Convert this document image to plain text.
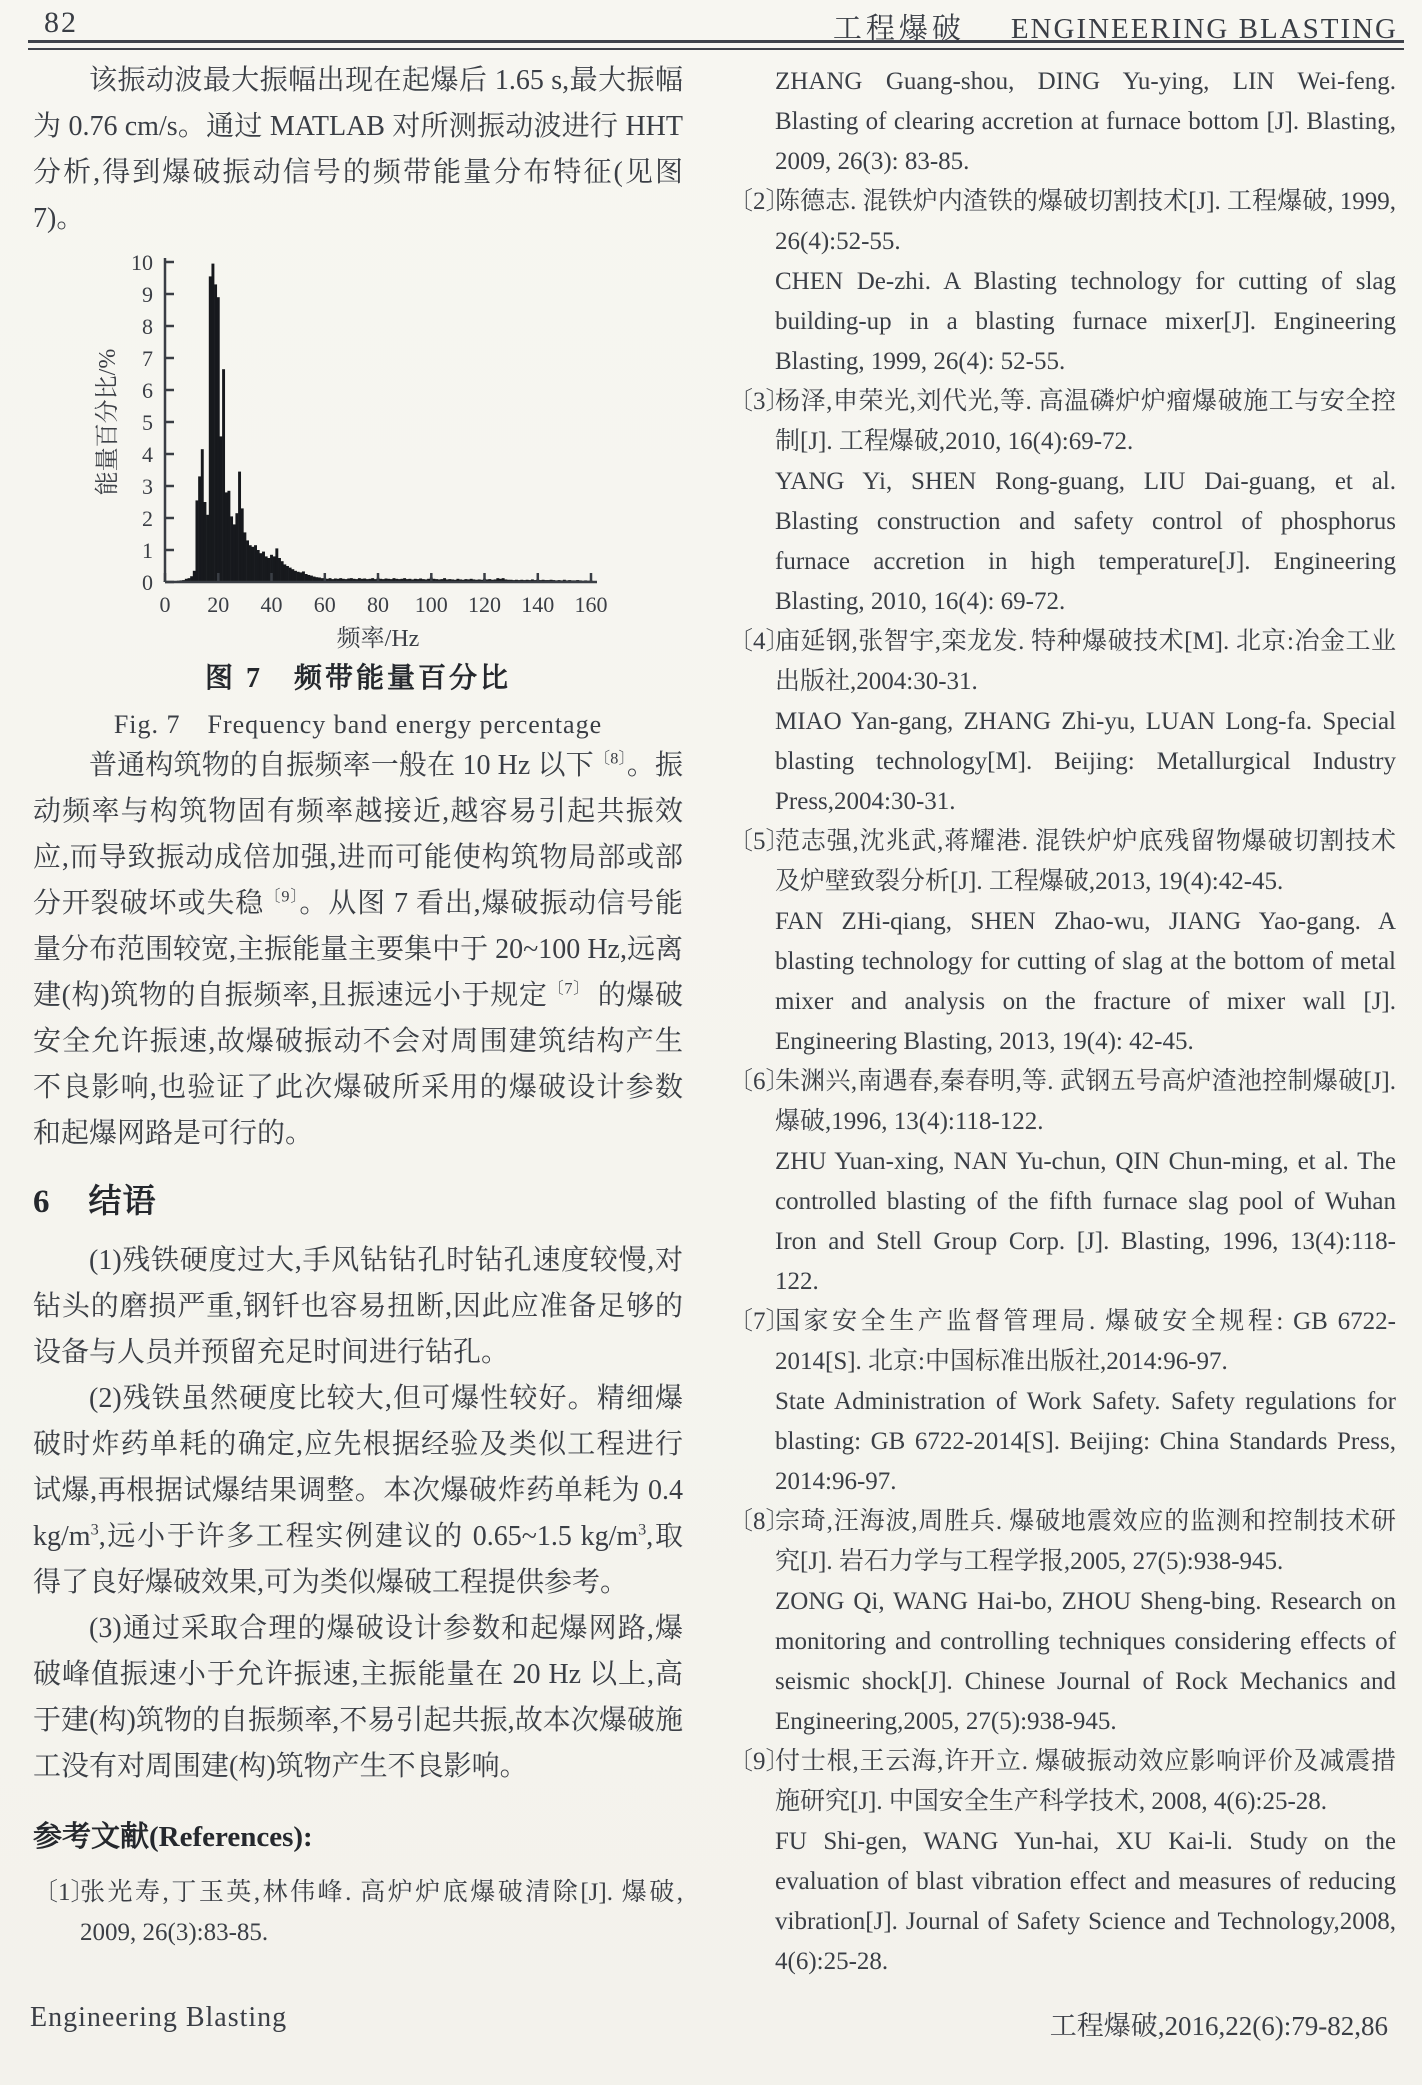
82	工程爆破 ENGINEERING BLASTING

该振动波最大振幅出现在起爆后 1.65 s,最大振幅为 0.76 cm/s。通过 MATLAB 对所测振动波进行 HHT 分析,得到爆破振动信号的频带能量分布特征(见图 7)。

0
1
2
3
4
5
6
7
8
9
10
0 20 40 60 80 100 120 140 160
频率/Hz
能量百分比/%
图 7　频带能量百分比
Fig. 7　Frequency band energy percentage

普通构筑物的自振频率一般在 10 Hz 以下$^{〔8〕}$。振动频率与构筑物固有频率越接近,越容易引起共振效应,而导致振动成倍加强,进而可能使构筑物局部或部分开裂破坏或失稳$^{〔9〕}$。从图 7 看出,爆破振动信号能量分布范围较宽,主振能量主要集中于 20~100 Hz,远离建(构)筑物的自振频率,且振速远小于规定$^{〔7〕}$ 的爆破安全允许振速,故爆破振动不会对周围建筑结构产生不良影响,也验证了此次爆破所采用的爆破设计参数和起爆网路是可行的。

6 结语

(1)残铁硬度过大,手风钻钻孔时钻孔速度较慢,对钻头的磨损严重,钢钎也容易扭断,因此应准备足够的设备与人员并预留充足时间进行钻孔。

(2)残铁虽然硬度比较大,但可爆性较好。精细爆破时炸药单耗的确定,应先根据经验及类似工程进行试爆,再根据试爆结果调整。本次爆破炸药单耗为 0.4 $kg/m^3$,远小于许多工程实例建议的 0.65~1.5 $kg/m^3$,取得了良好爆破效果,可为类似爆破工程提供参考。

(3)通过采取合理的爆破设计参数和起爆网路,爆破峰值振速小于允许振速,主振能量在 20 Hz 以上,高于建(构)筑物的自振频率,不易引起共振,故本次爆破施工没有对周围建(构)筑物产生不良影响。

参考文献(References):
〔1〕

张光寿,丁玉英,林伟峰. 高炉炉底爆破清除[J]. 爆破, 2009, 26(3):83-85.

ZHANG Guang-shou, DING Yu-ying, LIN Wei-feng. Blasting of clearing accretion at furnace bottom [J]. Blasting, 2009, 26(3): 83-85.

〔2〕

陈德志. 混铁炉内渣铁的爆破切割技术[J]. 工程爆破, 1999, 26(4):52-55.

CHEN De-zhi. A Blasting technology for cutting of slag building-up in a blasting furnace mixer[J]. Engineering Blasting, 1999, 26(4): 52-55.

〔3〕

杨泽,申荣光,刘代光,等. 高温磷炉炉瘤爆破施工与安全控制[J]. 工程爆破,2010, 16(4):69-72.

YANG Yi, SHEN Rong-guang, LIU Dai-guang, et al. Blasting construction and safety control of phosphorus furnace accretion in high temperature[J]. Engineering Blasting, 2010, 16(4): 69-72.

〔4〕

庙延钢,张智宇,栾龙发. 特种爆破技术[M]. 北京:冶金工业出版社,2004:30-31.

MIAO Yan-gang, ZHANG Zhi-yu, LUAN Long-fa. Special blasting technology[M]. Beijing: Metallurgical Industry Press,2004:30-31.

〔5〕

范志强,沈兆武,蒋耀港. 混铁炉炉底残留物爆破切割技术及炉壁致裂分析[J]. 工程爆破,2013, 19(4):42-45.

FAN ZHi-qiang, SHEN Zhao-wu, JIANG Yao-gang. A blasting technology for cutting of slag at the bottom of metal mixer and analysis on the fracture of mixer wall [J]. Engineering Blasting, 2013, 19(4): 42-45.

〔6〕

朱渊兴,南遇春,秦春明,等. 武钢五号高炉渣池控制爆破[J]. 爆破,1996, 13(4):118-122.

ZHU Yuan-xing, NAN Yu-chun, QIN Chun-ming, et al. The controlled blasting of the fifth furnace slag pool of Wuhan Iron and Stell Group Corp. [J]. Blasting, 1996, 13(4):118-122.

〔7〕

国家安全生产监督管理局. 爆破安全规程: GB 6722-2014[S]. 北京:中国标准出版社,2014:96-97.

State Administration of Work Safety. Safety regulations for blasting: GB 6722-2014[S]. Beijing: China Standards Press, 2014:96-97.

〔8〕

宗琦,汪海波,周胜兵. 爆破地震效应的监测和控制技术研究[J]. 岩石力学与工程学报,2005, 27(5):938-945.

ZONG Qi, WANG Hai-bo, ZHOU Sheng-bing. Research on monitoring and controlling techniques considering effects of seismic shock[J]. Chinese Journal of Rock Mechanics and Engineering,2005, 27(5):938-945.

〔9〕

付士根,王云海,许开立. 爆破振动效应影响评价及减震措施研究[J]. 中国安全生产科学技术, 2008, 4(6):25-28.

FU Shi-gen, WANG Yun-hai, XU Kai-li. Study on the evaluation of blast vibration effect and measures of reducing vibration[J]. Journal of Safety Science and Technology,2008, 4(6):25-28.

Engineering Blasting	工程爆破,2016,22(6):79-82,86
